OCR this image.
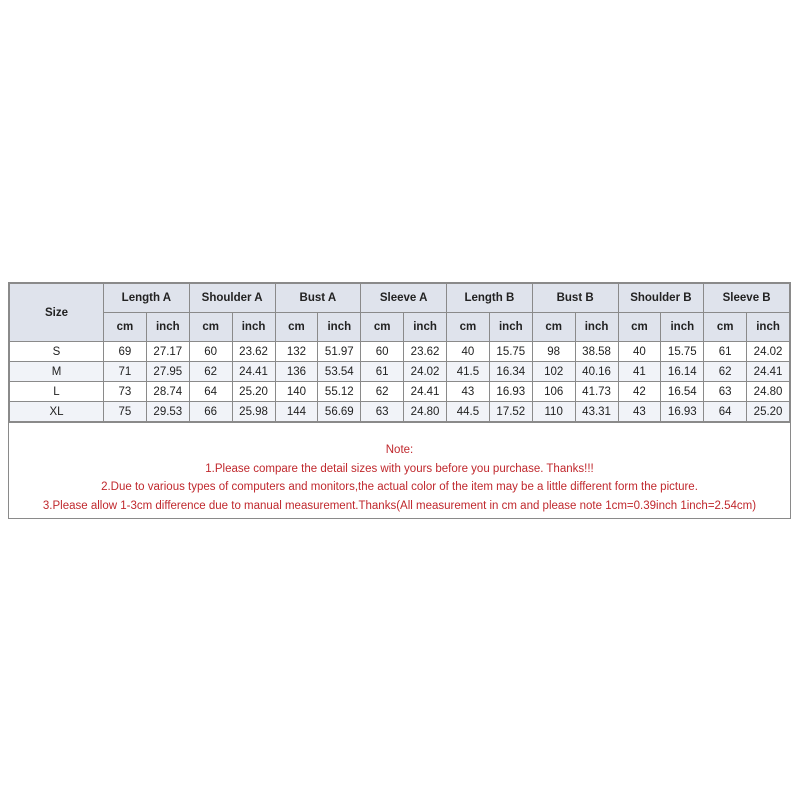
Size	Length A		Shoulder A		Bust A		Sleeve A		Length B		Bust B		Shoulder B		Sleeve B	
	cm	inch	cm	inch	cm	inch	cm	inch	cm	inch	cm	inch	cm	inch	cm	inch
S	69	27.17	60	23.62	132	51.97	60	23.62	40	15.75	98	38.58	40	15.75	61	24.02
M	71	27.95	62	24.41	136	53.54	61	24.02	41.5	16.34	102	40.16	41	16.14	62	24.41
L	73	28.74	64	25.20	140	55.12	62	24.41	43	16.93	106	41.73	42	16.54	63	24.80
XL	75	29.53	66	25.98	144	56.69	63	24.80	44.5	17.52	110	43.31	43	16.93	64	25.20
Note:
1.Please compare the detail sizes with yours before you purchase. Thanks!!!
2.Due to various types of computers and monitors,the actual color of the item may be a little different form the picture.
3.Please allow 1-3cm difference due to manual measurement.Thanks(All measurement in cm and please note 1cm=0.39inch 1inch=2.54cm)
